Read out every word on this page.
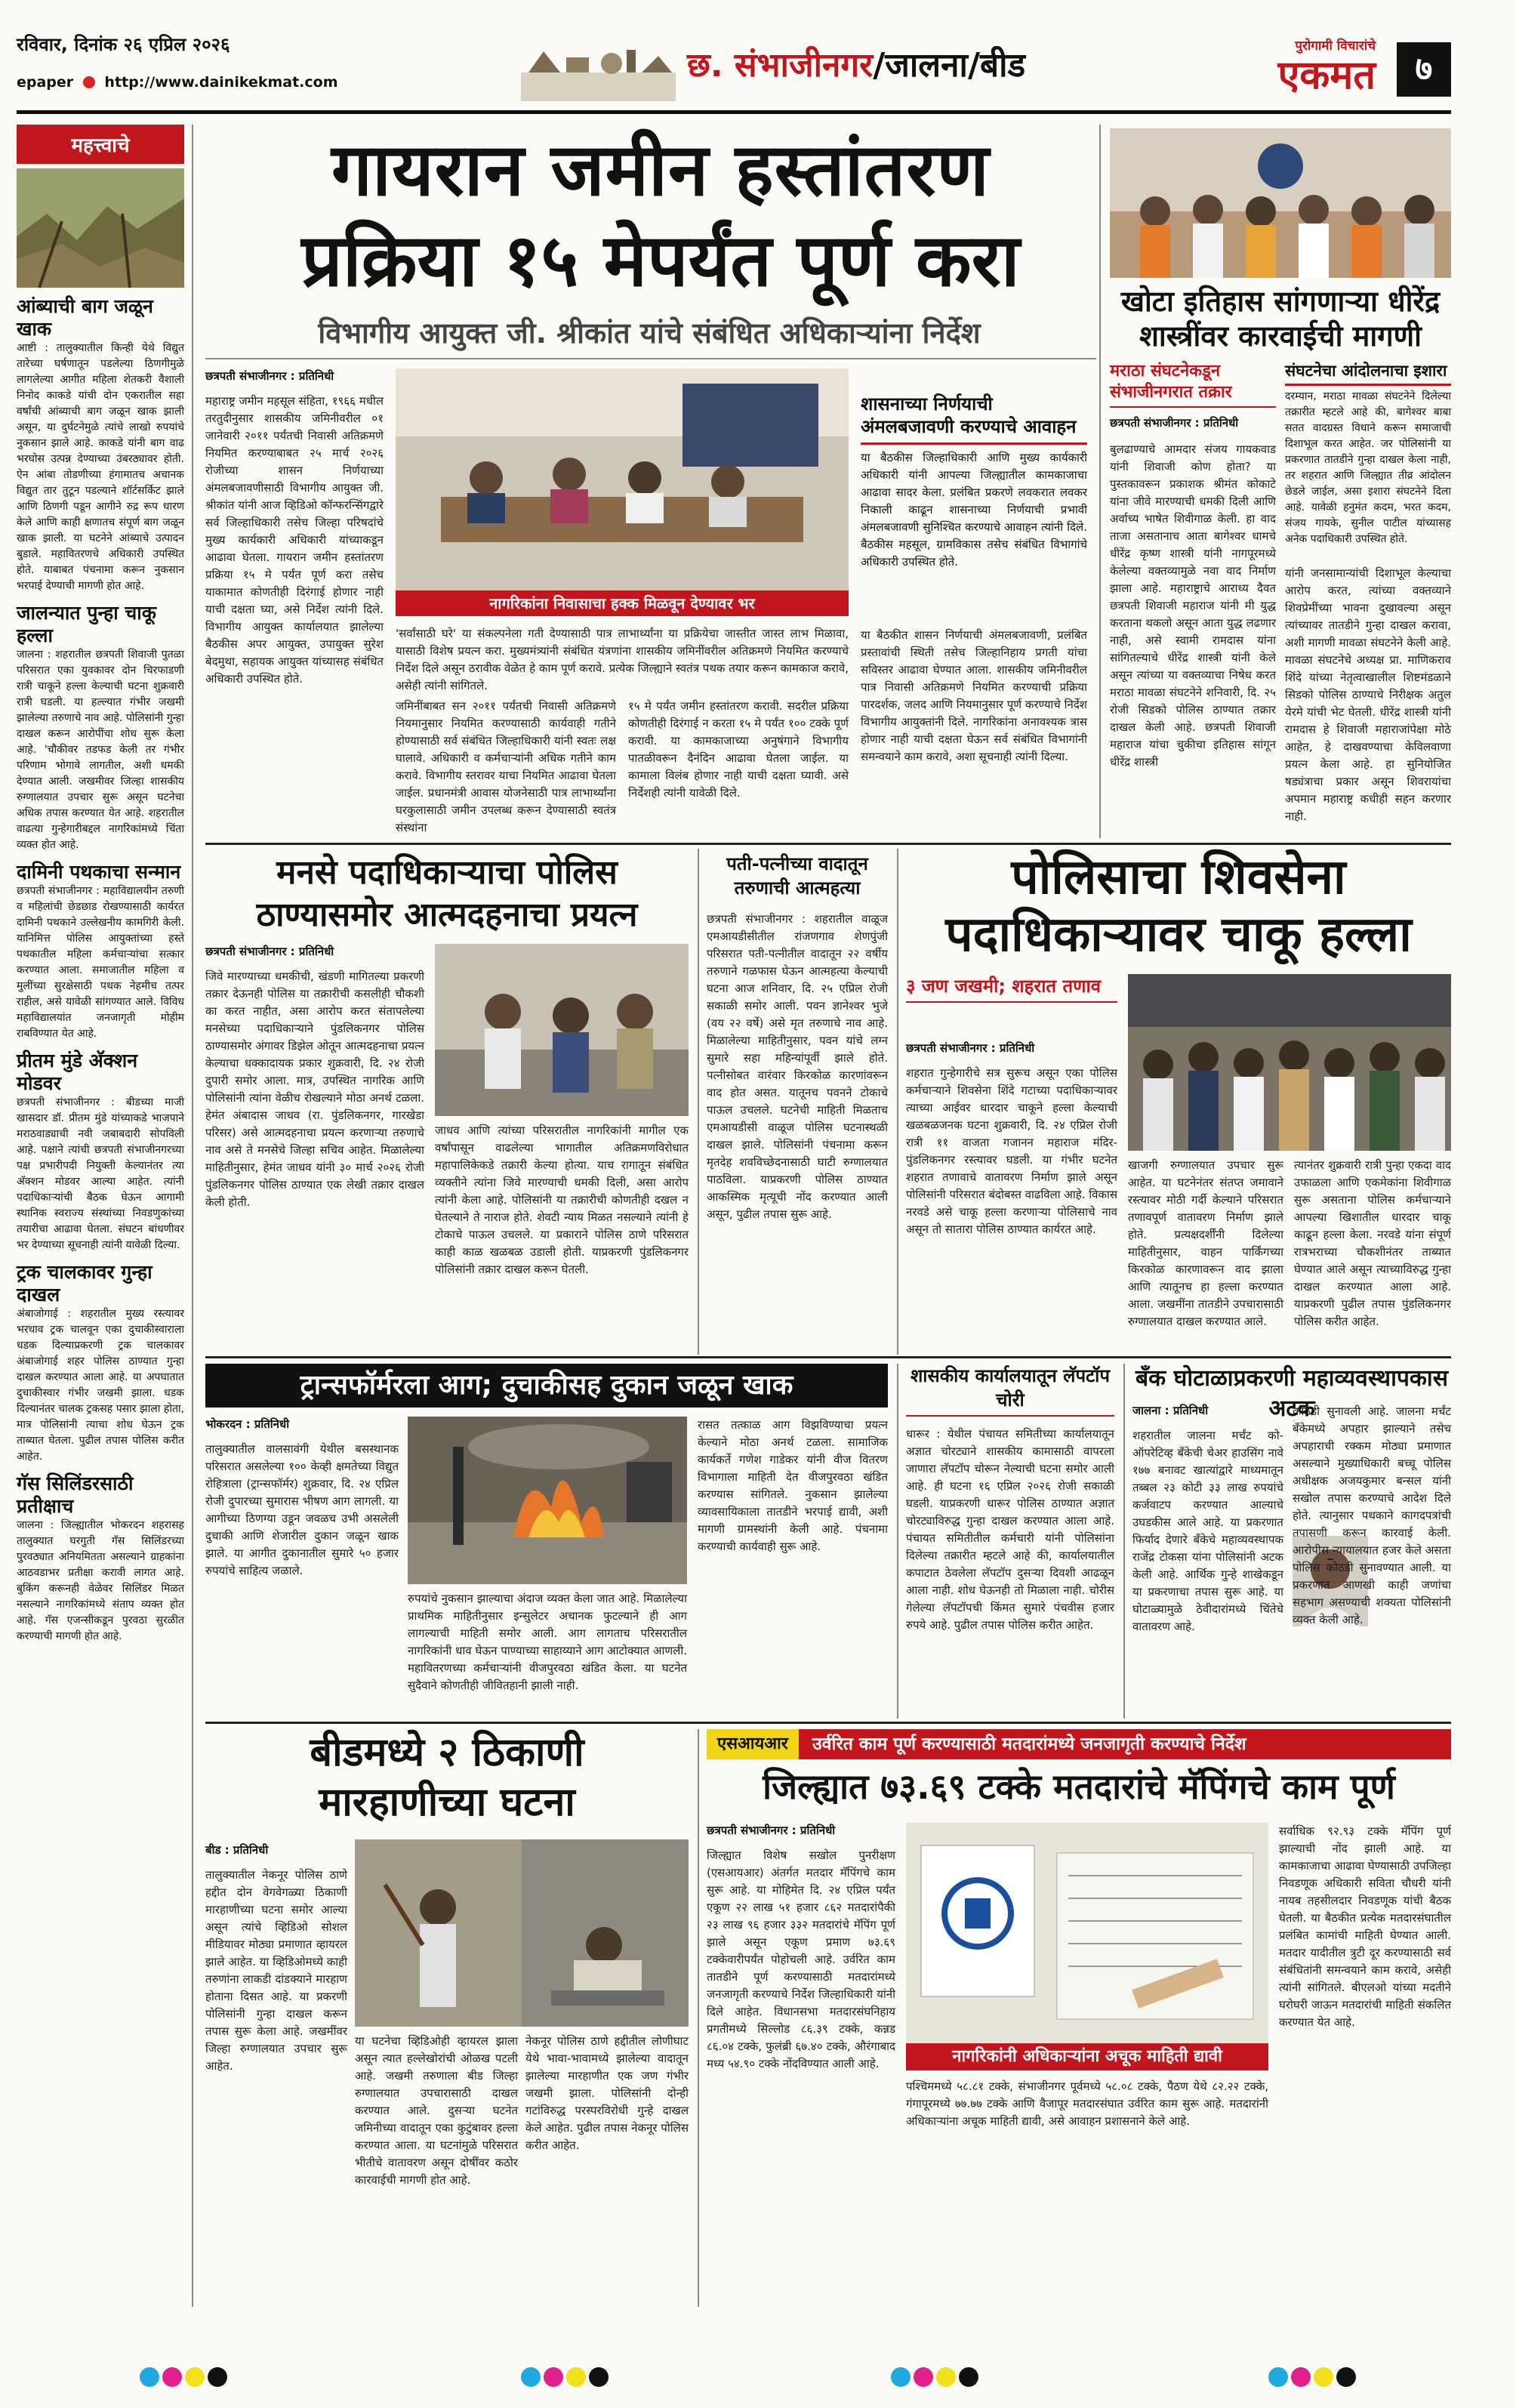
रविवार, दिनांक २६ एप्रिल २०२६
epaper http://www.dainikekmat.com	छ. संभाजीनगर/जालना/बीड	पुरोगामी विचारांचे
एकमत	७
महत्त्वाचे
आंब्याची बाग जळून खाक
आष्टी : तालुक्यातील किन्ही येथे विद्युत तारेच्या घर्षणातून पडलेल्या ठिणगीमुळे लागलेल्या आगीत महिला शेतकरी वैशाली निनोद काकडे यांची दोन एकरातील सहा वर्षांची आंब्याची बाग जळून खाक झाली असून, या दुर्घटनेमुळे त्यांचे लाखो रुपयांचे नुकसान झाले आहे. काकडे यांनी बाग वाढ भरघोस उत्पन्न देण्याच्या उंबरठ्यावर होती. ऐन आंबा तोडणीच्या हंगामातच अचानक विद्युत तार तुटून पडल्याने शॉर्टसर्किट झाले आणि ठिणगी पडून आगीने रुद्र रूप धारण केले आणि काही क्षणातच संपूर्ण बाग जळून खाक झाली. या घटनेने आंब्याचे उत्पादन बुडाले. महावितरणचे अधिकारी उपस्थित होते. याबाबत पंचनामा करून नुकसान भरपाई देण्याची मागणी होत आहे.
जालन्यात पुन्हा चाकू हल्ला
जालना : शहरातील छत्रपती शिवाजी पुतळा परिसरात एका युवकावर दोन चिरफाडणी रात्री चाकूने हल्ला केल्याची घटना शुक्रवारी रात्री घडली. या हल्ल्यात गंभीर जखमी झालेल्या तरुणाचे नाव आहे. पोलिसांनी गुन्हा दाखल करून आरोपींचा शोध सुरू केला आहे. 'चौकीवर तडफड केली तर गंभीर परिणाम भोगावे लागतील, अशी धमकी देण्यात आली. जखमीवर जिल्हा शासकीय रुग्णालयात उपचार सुरू असून घटनेचा अधिक तपास करण्यात येत आहे. शहरातील वाढत्या गुन्हेगारीबद्दल नागरिकांमध्ये चिंता व्यक्त होत आहे.
दामिनी पथकाचा सन्मान
छत्रपती संभाजीनगर : महाविद्यालयीन तरुणी व महिलांची छेडछाड रोखण्यासाठी कार्यरत दामिनी पथकाने उल्लेखनीय कामगिरी केली. यानिमित्त पोलिस आयुक्तांच्या हस्ते पथकातील महिला कर्मचाऱ्यांचा सत्कार करण्यात आला. समाजातील महिला व मुलींच्या सुरक्षेसाठी पथक नेहमीच तत्पर राहील, असे यावेळी सांगण्यात आले. विविध महाविद्यालयांत जनजागृती मोहीम राबविण्यात येत आहे.
प्रीतम मुंडे अ‍ॅक्शन मोडवर
छत्रपती संभाजीनगर : बीडच्या माजी खासदार डॉ. प्रीतम मुंडे यांच्याकडे भाजपाने मराठवाड्याची नवी जबाबदारी सोपविली आहे. पक्षाने त्यांची छत्रपती संभाजीनगरच्या पक्ष प्रभारीपदी नियुक्ती केल्यानंतर त्या अ‍ॅक्शन मोडवर आल्या आहेत. त्यांनी पदाधिकाऱ्यांची बैठक घेऊन आगामी स्थानिक स्वराज्य संस्थांच्या निवडणुकांच्या तयारीचा आढावा घेतला. संघटन बांधणीवर भर देण्याच्या सूचनाही त्यांनी यावेळी दिल्या.
ट्रक चालकावर गुन्हा दाखल
अंबाजोगाई : शहरातील मुख्य रस्त्यावर भरधाव ट्रक चालवून एका दुचाकीस्वाराला धडक दिल्याप्रकरणी ट्रक चालकावर अंबाजोगाई शहर पोलिस ठाण्यात गुन्हा दाखल करण्यात आला आहे. या अपघातात दुचाकीस्वार गंभीर जखमी झाला. धडक दिल्यानंतर चालक ट्रकसह पसार झाला होता, मात्र पोलिसांनी त्याचा शोध घेऊन ट्रक ताब्यात घेतला. पुढील तपास पोलिस करीत आहेत.
गॅस सिलिंडरसाठी प्रतीक्षाच
जालना : जिल्ह्यातील भोकरदन शहरासह तालुक्यात घरगुती गॅस सिलिंडरच्या पुरवठ्यात अनियमितता असल्याने ग्राहकांना आठवडाभर प्रतीक्षा करावी लागत आहे. बुकिंग करूनही वेळेवर सिलिंडर मिळत नसल्याने नागरिकांमध्ये संताप व्यक्त होत आहे. गॅस एजन्सीकडून पुरवठा सुरळीत करण्याची मागणी होत आहे.
गायरान जमीन हस्तांतरण
प्रक्रिया १५ मेपर्यंत पूर्ण करा
विभागीय आयुक्त जी. श्रीकांत यांचे संबंधित अधिकाऱ्यांना निर्देश
छत्रपती संभाजीनगर : प्रतिनिधी
महाराष्ट्र जमीन महसूल संहिता, १९६६ मधील तरतुदीनुसार शासकीय जमिनीवरील ०१ जानेवारी २०११ पर्यंतची निवासी अतिक्रमणे नियमित करण्याबाबत २५ मार्च २०२६ रोजीच्या शासन निर्णयाच्या अंमलबजावणीसाठी विभागीय आयुक्त जी. श्रीकांत यांनी आज व्हिडिओ कॉन्फरन्सिंगद्वारे सर्व जिल्हाधिकारी तसेच जिल्हा परिषदांचे मुख्य कार्यकारी अधिकारी यांच्याकडून आढावा घेतला. गायरान जमीन हस्तांतरण प्रक्रिया १५ मे पर्यंत पूर्ण करा तसेच याकामात कोणतीही दिरंगाई होणार नाही याची दक्षता घ्या, असे निर्देश त्यांनी दिले. विभागीय आयुक्त कार्यालयात झालेल्या बैठकीस अपर आयुक्त, उपायुक्त सुरेश बेदमुथा, सहायक आयुक्त यांच्यासह संबंधित अधिकारी उपस्थित होते.
नागरिकांना निवासाचा हक्क मिळवून देण्यावर भर
'सर्वांसाठी घरे' या संकल्पनेला गती देण्यासाठी पात्र लाभार्थ्यांना या प्रक्रियेचा जास्तीत जास्त लाभ मिळावा, यासाठी विशेष प्रयत्न करा. मुख्यमंत्र्यांनी संबंधित यंत्रणांना शासकीय जमिनींवरील अतिक्रमणे नियमित करण्याचे निर्देश दिले असून ठरावीक वेळेत हे काम पूर्ण करावे. प्रत्येक जिल्ह्याने स्वतंत्र पथक तयार करून कामकाज करावे, असेही त्यांनी सांगितले.
जमिनींबाबत सन २०११ पर्यंतची निवासी अतिक्रमणे नियमानुसार नियमित करण्यासाठी कार्यवाही गतीने होण्यासाठी सर्व संबंधित जिल्हाधिकारी यांनी स्वतः लक्ष घालावे. अधिकारी व कर्मचाऱ्यांनी अधिक गतीने काम करावे. विभागीय स्तरावर याचा नियमित आढावा घेतला जाईल. प्रधानमंत्री आवास योजनेसाठी पात्र लाभार्थ्यांना घरकुलासाठी जमीन उपलब्ध करून देण्यासाठी स्वतंत्र संस्थांना
१५ मे पर्यंत जमीन हस्तांतरण करावी. सदरील प्रक्रिया कोणतीही दिरंगाई न करता १५ मे पर्यंत १०० टक्के पूर्ण करावी. या कामकाजाच्या अनुषंगाने विभागीय पातळीवरून दैनंदिन आढावा घेतला जाईल. या कामाला विलंब होणार नाही याची दक्षता घ्यावी. असे निर्देशही त्यांनी यावेळी दिले.
शासनाच्या निर्णयाची अंमलबजावणी करण्याचे आवाहन
या बैठकीस जिल्हाधिकारी आणि मुख्य कार्यकारी अधिकारी यांनी आपल्या जिल्ह्यातील कामकाजाचा आढावा सादर केला. प्रलंबित प्रकरणे लवकरात लवकर निकाली काढून शासनाच्या निर्णयाची प्रभावी अंमलबजावणी सुनिश्चित करण्याचे आवाहन त्यांनी दिले. बैठकीस महसूल, ग्रामविकास तसेच संबंधित विभागांचे अधिकारी उपस्थित होते.
या बैठकीत शासन निर्णयाची अंमलबजावणी, प्रलंबित प्रस्तावांची स्थिती तसेच जिल्हानिहाय प्रगती यांचा सविस्तर आढावा घेण्यात आला. शासकीय जमिनीवरील पात्र निवासी अतिक्रमणे नियमित करण्याची प्रक्रिया पारदर्शक, जलद आणि नियमानुसार पूर्ण करण्याचे निर्देश विभागीय आयुक्तांनी दिले. नागरिकांना अनावश्यक त्रास होणार नाही याची दक्षता घेऊन सर्व संबंधित विभागांनी समन्वयाने काम करावे, अशा सूचनाही त्यांनी दिल्या.
खोटा इतिहास सांगणाऱ्या धीरेंद्र शास्त्रींवर कारवाईची मागणी
मराठा संघटनेकडून संभाजीनगरात तक्रार
छत्रपती संभाजीनगर : प्रतिनिधी
बुलढाण्याचे आमदार संजय गायकवाड यांनी शिवाजी कोण होता? या पुस्तकावरून प्रकाशक श्रीमंत कोकाटे यांना जीवे मारण्याची धमकी दिली आणि अर्वाच्य भाषेत शिवीगाळ केली. हा वाद ताजा असतानाच आता बागेश्वर धामचे धीरेंद्र कृष्ण शास्त्री यांनी नागपूरमध्ये केलेल्या वक्तव्यामुळे नवा वाद निर्माण झाला आहे. महाराष्ट्राचे आराध्य दैवत छत्रपती शिवाजी महाराज यांनी मी युद्ध करताना थकलो असून आता युद्ध लढणार नाही, असे स्वामी रामदास यांना सांगितल्याचे धीरेंद्र शास्त्री यांनी केले असून त्यांच्या या वक्तव्याचा निषेध करत मराठा मावळा संघटनेने शनिवारी, दि. २५ रोजी सिडको पोलिस ठाण्यात तक्रार दाखल केली आहे. छत्रपती शिवाजी महाराज यांचा चुकीचा इतिहास सांगून धीरेंद्र शास्त्री
संघटनेचा आंदोलनाचा इशारा
दरम्यान, मराठा मावळा संघटनेने दिलेल्या तक्रारीत म्हटले आहे की, बागेश्वर बाबा सतत वादग्रस्त विधाने करून समाजाची दिशाभूल करत आहेत. जर पोलिसांनी या प्रकरणात तातडीने गुन्हा दाखल केला नाही, तर शहरात आणि जिल्ह्यात तीव्र आंदोलन छेडले जाईल, असा इशारा संघटनेने दिला आहे. यावेळी हनुमंत कदम, भरत कदम, संजय गायके, सुनील पाटील यांच्यासह अनेक पदाधिकारी उपस्थित होते.
यांनी जनसामान्यांची दिशाभूल केल्याचा आरोप करत, त्यांच्या वक्तव्याने शिवप्रेमींच्या भावना दुखावल्या असून त्यांच्यावर तातडीने गुन्हा दाखल करावा, अशी मागणी मावळा संघटनेने केली आहे. मावळा संघटनेचे अध्यक्ष प्रा. माणिकराव शिंदे यांच्या नेतृत्वाखालील शिष्टमंडळाने सिडको पोलिस ठाण्याचे निरीक्षक अतुल येरमे यांची भेट घेतली. धीरेंद्र शास्त्री यांनी रामदास हे शिवाजी महाराजांपेक्षा मोठे आहेत, हे दाखवण्याचा केविलवाणा प्रयत्न केला आहे. हा सुनियोजित षड्यंत्राचा प्रकार असून शिवरायांचा अपमान महाराष्ट्र कधीही सहन करणार नाही.
मनसे पदाधिकाऱ्याचा पोलिस ठाण्यासमोर आत्मदहनाचा प्रयत्न
छत्रपती संभाजीनगर : प्रतिनिधी
जिवे मारण्याच्या धमकीची, खंडणी मागितल्या प्रकरणी तक्रार देऊनही पोलिस या तक्रारीची कसलीही चौकशी का करत नाहीत, असा आरोप करत संतापलेल्या मनसेच्या पदाधिकाऱ्याने पुंडलिकनगर पोलिस ठाण्यासमोर अंगावर डिझेल ओतून आत्मदहनाचा प्रयत्न केल्याचा धक्कादायक प्रकार शुक्रवारी, दि. २४ रोजी दुपारी समोर आला. मात्र, उपस्थित नागरिक आणि पोलिसांनी त्यांना वेळीच रोखल्याने मोठा अनर्थ टळला. हेमंत अंबादास जाधव (रा. पुंडलिकनगर, गारखेडा परिसर) असे आत्मदहनाचा प्रयत्न करणाऱ्या तरुणाचे नाव असे ते मनसेचे जिल्हा सचिव आहेत. मिळालेल्या माहितीनुसार, हेमंत जाधव यांनी ३० मार्च २०२६ रोजी पुंडलिकनगर पोलिस ठाण्यात एक लेखी तक्रार दाखल केली होती.
जाधव आणि त्यांच्या परिसरातील नागरिकांनी मागील एक वर्षांपासून वाढलेल्या भागातील अतिक्रमणविरोधात महापालिकेकडे तक्रारी केल्या होत्या. याच रागातून संबंधित व्यक्तीने त्यांना जिवे मारण्याची धमकी दिली, असा आरोप त्यांनी केला आहे. पोलिसांनी या तक्रारीची कोणतीही दखल न घेतल्याने ते नाराज होते. शेवटी न्याय मिळत नसल्याने त्यांनी हे टोकाचे पाऊल उचलले. या प्रकाराने पोलिस ठाणे परिसरात काही काळ खळबळ उडाली होती. याप्रकरणी पुंडलिकनगर पोलिसांनी तक्रार दाखल करून घेतली.
पती-पत्नीच्या वादातून तरुणाची आत्महत्या
छत्रपती संभाजीनगर : शहरातील वाळूज एमआयडीसीतील रांजणगाव शेणपुंजी परिसरात पती-पत्नीतील वादातून २२ वर्षीय तरुणाने गळफास घेऊन आत्महत्या केल्याची घटना आज शनिवार, दि. २५ एप्रिल रोजी सकाळी समोर आली. पवन ज्ञानेश्वर भुजे (वय २२ वर्षे) असे मृत तरुणाचे नाव आहे. मिळालेल्या माहितीनुसार, पवन यांचे लग्न सुमारे सहा महिन्यांपूर्वी झाले होते. पत्नीसोबत वारंवार किरकोळ कारणांवरून वाद होत असत. यातूनच पवनने टोकाचे पाऊल उचलले. घटनेची माहिती मिळताच एमआयडीसी वाळूज पोलिस घटनास्थळी दाखल झाले. पोलिसांनी पंचनामा करून मृतदेह शवविच्छेदनासाठी घाटी रुग्णालयात पाठविला. याप्रकरणी पोलिस ठाण्यात आकस्मिक मृत्यूची नोंद करण्यात आली असून, पुढील तपास सुरू आहे.
पोलिसाचा शिवसेना
पदाधिकाऱ्यावर चाकू हल्ला
३ जण जखमी; शहरात तणाव
छत्रपती संभाजीनगर : प्रतिनिधी
शहरात गुन्हेगारीचे सत्र सुरूच असून एका पोलिस कर्मचाऱ्याने शिवसेना शिंदे गटाच्या पदाधिकाऱ्यावर त्याच्या आईवर धारदार चाकूने हल्ला केल्याची खळबळजनक घटना शुक्रवारी, दि. २४ एप्रिल रोजी रात्री ११ वाजता गजानन महाराज मंदिर- पुंडलिकनगर रस्त्यावर घडली. या गंभीर घटनेत शहरात तणावाचे वातावरण निर्माण झाले असून पोलिसांनी परिसरात बंदोबस्त वाढविला आहे. विकास नरवडे असे चाकू हल्ला करणाऱ्या पोलिसाचे नाव असून तो सातारा पोलिस ठाण्यात कार्यरत आहे.
खाजगी रुग्णालयात उपचार सुरू आहेत. या घटनेनंतर संतप्त जमावाने रस्त्यावर मोठी गर्दी केल्याने परिसरात तणावपूर्ण वातावरण निर्माण झाले होते. प्रत्यक्षदर्शींनी दिलेल्या माहितीनुसार, वाहन पार्किंगच्या किरकोळ कारणावरून वाद झाला आणि त्यातूनच हा हल्ला करण्यात आला. जखमींना तातडीने उपचारासाठी रुग्णालयात दाखल करण्यात आले.
त्यानंतर शुक्रवारी रात्री पुन्हा एकदा वाद उफाळला आणि एकमेकांना शिवीगाळ सुरू असताना पोलिस कर्मचाऱ्याने आपल्या खिशातील धारदार चाकू काढून हल्ला केला. नरवडे यांना संपूर्ण रात्रभराच्या चौकशीनंतर ताब्यात घेण्यात आले असून त्याच्याविरुद्ध गुन्हा दाखल करण्यात आला आहे. याप्रकरणी पुढील तपास पुंडलिकनगर पोलिस करीत आहेत.
ट्रान्सफॉर्मरला आग; दुचाकीसह दुकान जळून खाक
भोकरदन : प्रतिनिधी
तालुक्यातील वालसावंगी येथील बसस्थानक परिसरात असलेल्या १०० केव्ही क्षमतेच्या विद्युत रोहित्राला (ट्रान्सफॉर्मर) शुक्रवार, दि. २४ एप्रिल रोजी दुपारच्या सुमारास भीषण आग लागली. या आगीच्या ठिणग्या उडून जवळच उभी असलेली दुचाकी आणि शेजारील दुकान जळून खाक झाले. या आगीत दुकानातील सुमारे ५० हजार रुपयांचे साहित्य जळाले.
रुपयांचे नुकसान झाल्याचा अंदाज व्यक्त केला जात आहे. मिळालेल्या प्राथमिक माहितीनुसार इन्सुलेटर अचानक फुटल्याने ही आग लागल्याची माहिती समोर आली. आग लागताच परिसरातील नागरिकांनी धाव घेऊन पाण्याच्या साहाय्याने आग आटोक्यात आणली. महावितरणच्या कर्मचाऱ्यांनी वीजपुरवठा खंडित केला. या घटनेत सुदैवाने कोणतीही जीवितहानी झाली नाही.
रासत तत्काळ आग विझविण्याचा प्रयत्न केल्याने मोठा अनर्थ टळला. सामाजिक कार्यकर्ते गणेश गाडेकर यांनी वीज वितरण विभागाला माहिती देत वीजपुरवठा खंडित करण्यास सांगितले. नुकसान झालेल्या व्यावसायिकाला तातडीने भरपाई द्यावी, अशी मागणी ग्रामस्थांनी केली आहे. पंचनामा करण्याची कार्यवाही सुरू आहे.
शासकीय कार्यालयातून लॅपटॉप चोरी
धारूर : येथील पंचायत समितीच्या कार्यालयातून अज्ञात चोरट्याने शासकीय कामासाठी वापरला जाणारा लॅपटॉप चोरून नेल्याची घटना समोर आली आहे. ही घटना १६ एप्रिल २०२६ रोजी सकाळी घडली. याप्रकरणी धारूर पोलिस ठाण्यात अज्ञात चोरट्याविरुद्ध गुन्हा दाखल करण्यात आला आहे. पंचायत समितीतील कर्मचारी यांनी पोलिसांना दिलेल्या तक्रारीत म्हटले आहे की, कार्यालयातील कपाटात ठेवलेला लॅपटॉप दुसऱ्या दिवशी आढळून आला नाही. शोध घेऊनही तो मिळाला नाही. चोरीस गेलेल्या लॅपटॉपची किंमत सुमारे पंचवीस हजार रुपये आहे. पुढील तपास पोलिस करीत आहेत.
बँक घोटाळाप्रकरणी महाव्यवस्थापकास अटक
जालना : प्रतिनिधी
शहरातील जालना मर्चंट को- ऑपरेटिव्ह बँकेची चेअर हाउसिंग नावे १७७ बनावट खात्यांद्वारे माध्यमातून तब्बल २३ कोटी ३३ लाख रुपयांचे कर्जवाटप करण्यात आल्याचे उघडकीस आले आहे. या प्रकरणात फिर्याद देणारे बँकेचे महाव्यवस्थापक राजेंद्र टोकसा यांना पोलिसांनी अटक केली आहे. आर्थिक गुन्हे शाखेकडून या प्रकरणाचा तपास सुरू आहे. या घोटाळ्यामुळे ठेवीदारांमध्ये चिंतेचे वातावरण आहे.
कोठडी सुनावली आहे. जालना मर्चंट बँकेमध्ये अपहार झाल्याने तसेच अपहाराची रक्कम मोठ्या प्रमाणात असल्याने मुख्याधिकारी बच्चू पोलिस अधीक्षक अजयकुमार बन्सल यांनी सखोल तपास करण्याचे आदेश दिले होते. त्यानुसार पथकाने कागदपत्रांची तपासणी करून कारवाई केली. आरोपीस न्यायालयात हजर केले असता पोलिस कोठडी सुनावण्यात आली. या प्रकरणात आणखी काही जणांचा सहभाग असण्याची शक्यता पोलिसांनी व्यक्त केली आहे.
बीडमध्ये २ ठिकाणी
मारहाणीच्या घटना
बीड : प्रतिनिधी
तालुक्यातील नेकनूर पोलिस ठाणे हद्दीत दोन वेगवेगळ्या ठिकाणी मारहाणीच्या घटना समोर आल्या असून त्यांचे व्हिडिओ सोशल मीडियावर मोठ्या प्रमाणात व्हायरल झाले आहेत. या व्हिडिओमध्ये काही तरुणांना लाकडी दांडक्याने मारहाण होताना दिसत आहे. या प्रकरणी पोलिसांनी गुन्हा दाखल करून तपास सुरू केला आहे. जखमींवर जिल्हा रुग्णालयात उपचार सुरू आहेत.
या घटनेचा व्हिडिओही व्हायरल झाला असून त्यात हल्लेखोरांची ओळख पटली आहे. जखमी तरुणाला बीड जिल्हा रुग्णालयात उपचारासाठी दाखल करण्यात आले. दुसऱ्या घटनेत जमिनीच्या वादातून एका कुटुंबावर हल्ला करण्यात आला. या घटनांमुळे परिसरात भीतीचे वातावरण असून दोषींवर कठोर कारवाईची मागणी होत आहे.
नेकनूर पोलिस ठाणे हद्दीतील लोणीघाट येथे भावा-भावामध्ये झालेल्या वादातून झालेल्या मारहाणीत एक जण गंभीर जखमी झाला. पोलिसांनी दोन्ही गटांविरुद्ध परस्परविरोधी गुन्हे दाखल केले आहेत. पुढील तपास नेकनूर पोलिस करीत आहेत.
एसआयआर	उर्वरित काम पूर्ण करण्यासाठी मतदारांमध्ये जनजागृती करण्याचे निर्देश
जिल्ह्यात ७३.६९ टक्के मतदारांचे मॅपिंगचे काम पूर्ण
छत्रपती संभाजीनगर : प्रतिनिधी
जिल्ह्यात विशेष सखोल पुनरीक्षण (एसआयआर) अंतर्गत मतदार मॅपिंगचे काम सुरू आहे. या मोहिमेत दि. २४ एप्रिल पर्यंत एकूण २२ लाख ५१ हजार ८६२ मतदारांपैकी २३ लाख ९६ हजार ३३२ मतदारांचे मॅपिंग पूर्ण झाले असून एकूण प्रमाण ७३.६९ टक्केवारीपर्यंत पोहोचली आहे. उर्वरित काम तातडीने पूर्ण करण्यासाठी मतदारांमध्ये जनजागृती करण्याचे निर्देश जिल्हाधिकारी यांनी दिले आहेत. विधानसभा मतदारसंघनिहाय प्रगतीमध्ये सिल्लोड ८६.३९ टक्के, कन्नड ८६.०४ टक्के, फुलंब्री ६७.४० टक्के, औरंगाबाद मध्य ५४.९० टक्के नोंदविण्यात आली आहे.	नागरिकांनी अधिकाऱ्यांना अचूक माहिती द्यावी
पश्चिममध्ये ५८.८१ टक्के, संभाजीनगर पूर्वमध्ये ५८.०८ टक्के, पैठण येथे ८२.२२ टक्के, गंगापूरमध्ये ७७.७७ टक्के आणि वैजापूर मतदारसंघात उर्वरित काम सुरू आहे. मतदारांनी अधिकाऱ्यांना अचूक माहिती द्यावी, असे आवाहन प्रशासनाने केले आहे.
सर्वाधिक ९२.९३ टक्के मॅपिंग पूर्ण झाल्याची नोंद झाली आहे. या कामकाजाचा आढावा घेण्यासाठी उपजिल्हा निवडणूक अधिकारी सविता चौधरी यांनी नायब तहसीलदार निवडणूक यांची बैठक घेतली. या बैठकीत प्रत्येक मतदारसंघातील प्रलंबित कामांची माहिती घेण्यात आली. मतदार यादीतील त्रुटी दूर करण्यासाठी सर्व संबंधितांनी समन्वयाने काम करावे, असेही त्यांनी सांगितले. बीएलओ यांच्या मदतीने घरोघरी जाऊन मतदारांची माहिती संकलित करण्यात येत आहे.
